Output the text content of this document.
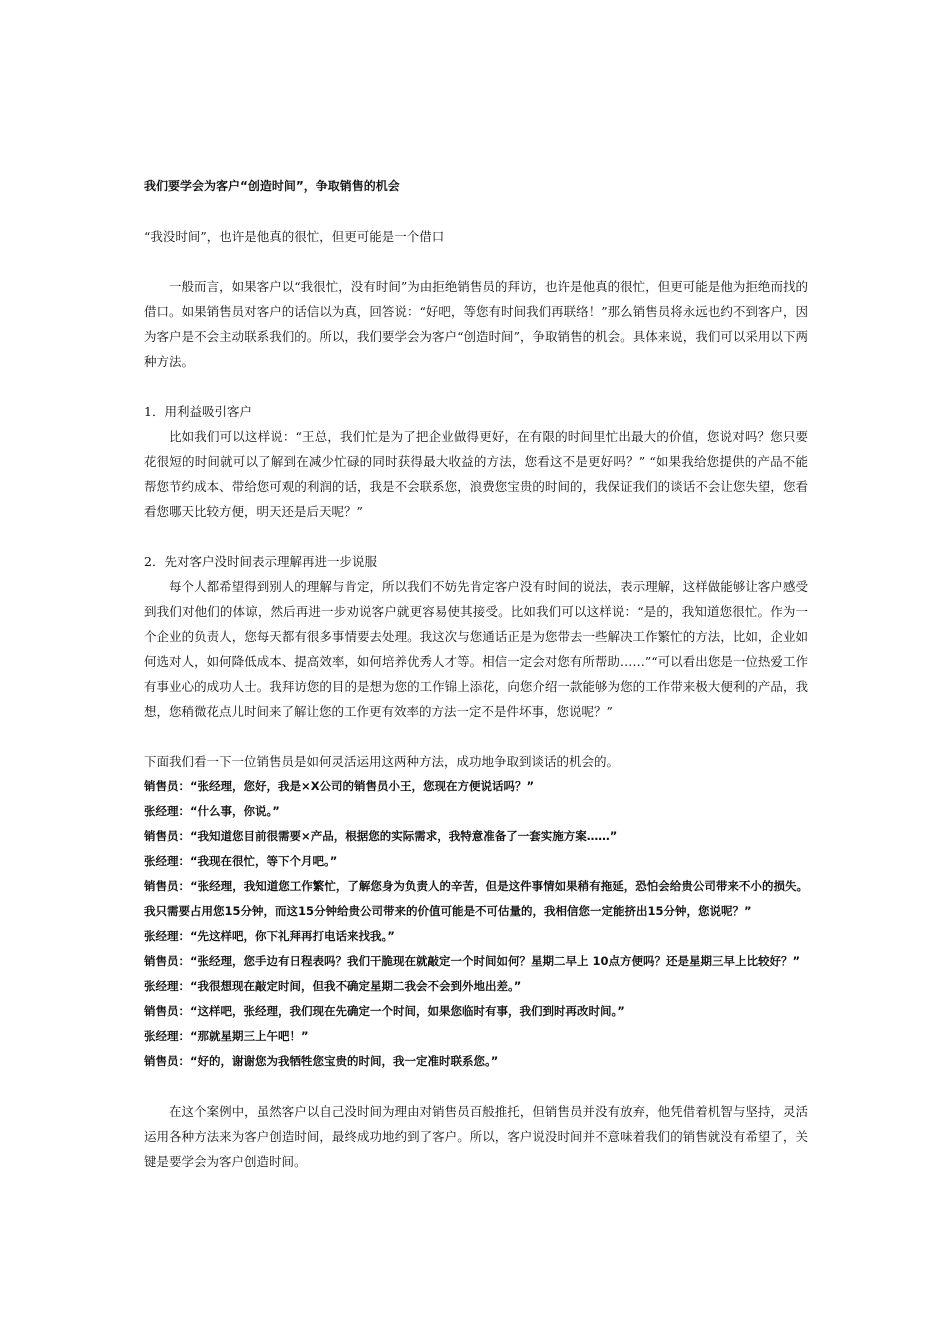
我们要学会为客户“创造时间”，争取销售的机会

“我没时间”，也许是他真的很忙，但更可能是一个借口

一般而言，如果客户以“我很忙，没有时间”为由拒绝销售员的拜访，也许是他真的很忙，但更可能是他为拒绝而找的借口。如果销售员对客户的话信以为真，回答说：“好吧，等您有时间我们再联络！”那么销售员将永远也约不到客户，因为客户是不会主动联系我们的。所以，我们要学会为客户“创造时间”，争取销售的机会。具体来说，我们可以采用以下两种方法。

1．用利益吸引客户

比如我们可以这样说：“王总，我们忙是为了把企业做得更好，在有限的时间里忙出最大的价值，您说对吗？您只要花很短的时间就可以了解到在减少忙碌的同时获得最大收益的方法，您看这不是更好吗？” “如果我给您提供的产品不能帮您节约成本、带给您可观的利润的话，我是不会联系您，浪费您宝贵的时间的，我保证我们的谈话不会让您失望，您看看您哪天比较方便，明天还是后天呢？”

2．先对客户没时间表示理解再进一步说服

每个人都希望得到别人的理解与肯定，所以我们不妨先肯定客户没有时间的说法，表示理解，这样做能够让客户感受到我们对他们的体谅，然后再进一步劝说客户就更容易使其接受。比如我们可以这样说：“是的，我知道您很忙。作为一个企业的负责人，您每天都有很多事情要去处理。我这次与您通话正是为您带去一些解决工作繁忙的方法，比如，企业如何选对人，如何降低成本、提高效率，如何培养优秀人才等。相信一定会对您有所帮助……”“可以看出您是一位热爱工作有事业心的成功人士。我拜访您的目的是想为您的工作锦上添花，向您介绍一款能够为您的工作带来极大便利的产品，我想，您稍微花点儿时间来了解让您的工作更有效率的方法一定不是件坏事，您说呢？”

下面我们看一下一位销售员是如何灵活运用这两种方法，成功地争取到谈话的机会的。

销售员：“张经理，您好，我是×X公司的销售员小王，您现在方便说话吗？”

张经理：“什么事，你说。”

销售员：“我知道您目前很需要×产品，根据您的实际需求，我特意准备了一套实施方案……”

张经理：“我现在很忙，等下个月吧。”

销售员：“张经理，我知道您工作繁忙，了解您身为负责人的辛苦，但是这件事情如果稍有拖延，恐怕会给贵公司带来不小的损失。我只需要占用您15分钟，而这15分钟给贵公司带来的价值可能是不可估量的，我相信您一定能挤出15分钟，您说呢？”

张经理：“先这样吧，你下礼拜再打电话来找我。”

销售员：“张经理，您手边有日程表吗？我们干脆现在就敲定一个时间如何？星期二早上 10点方便吗？还是星期三早上比较好？”

张经理：“我很想现在敲定时间，但我不确定星期二我会不会到外地出差。”

销售员：“这样吧，张经理，我们现在先确定一个时间，如果您临时有事，我们到时再改时间。”

张经理：“那就星期三上午吧！”

销售员：“好的，谢谢您为我牺牲您宝贵的时间，我一定准时联系您。”

在这个案例中，虽然客户以自己没时间为理由对销售员百般推托，但销售员并没有放弃，他凭借着机智与坚持，灵活运用各种方法来为客户创造时间，最终成功地约到了客户。所以，客户说没时间并不意味着我们的销售就没有希望了，关键是要学会为客户创造时间。
